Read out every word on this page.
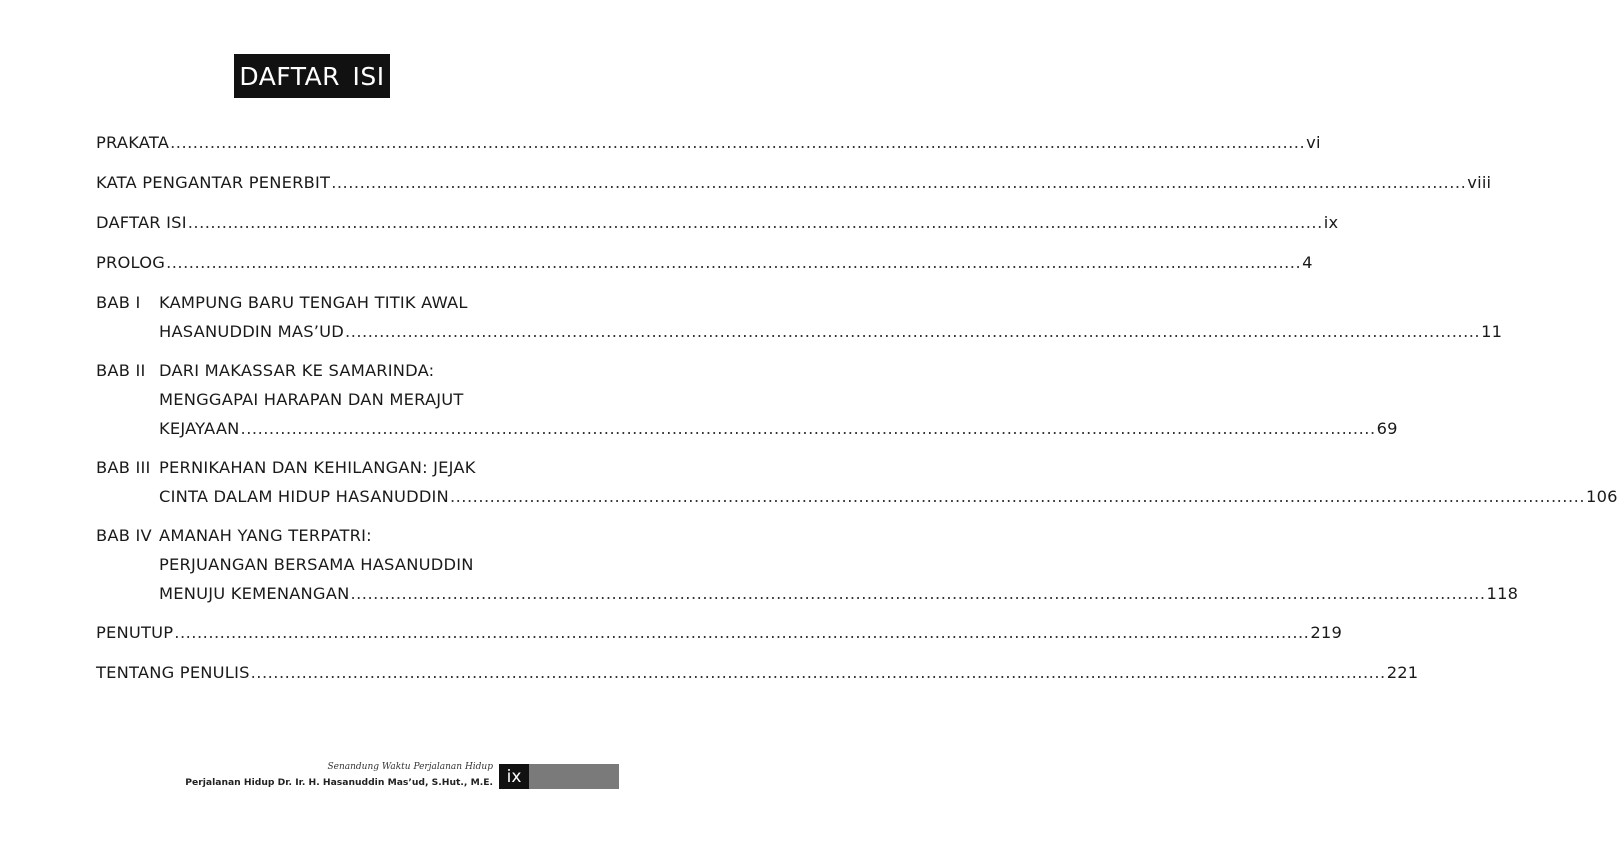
DAFTAR ISI
PRAKATA ........................................................................................................................................................................................................ vi
KATA PENGANTAR PENERBIT ........................................................................................................................................................................................................ viii
DAFTAR ISI ........................................................................................................................................................................................................ ix
PROLOG ........................................................................................................................................................................................................ 4
BAB I KAMPUNG BARU TENGAH TITIK AWAL
HASANUDDIN MAS’UD ........................................................................................................................................................................................................ 11
BAB II DARI MAKASSAR KE SAMARINDA:
MENGGAPAI HARAPAN DAN MERAJUT
KEJAYAAN ........................................................................................................................................................................................................ 69
BAB III PERNIKAHAN DAN KEHILANGAN: JEJAK
CINTA DALAM HIDUP HASANUDDIN ........................................................................................................................................................................................................ 106
BAB IV AMANAH YANG TERPATRI:
PERJUANGAN BERSAMA HASANUDDIN
MENUJU KEMENANGAN ........................................................................................................................................................................................................ 118
PENUTUP ........................................................................................................................................................................................................ 219
TENTANG PENULIS ........................................................................................................................................................................................................ 221
Senandung Waktu Perjalanan Hidup
Perjalanan Hidup Dr. Ir. H. Hasanuddin Mas’ud, S.Hut., M.E. ix
